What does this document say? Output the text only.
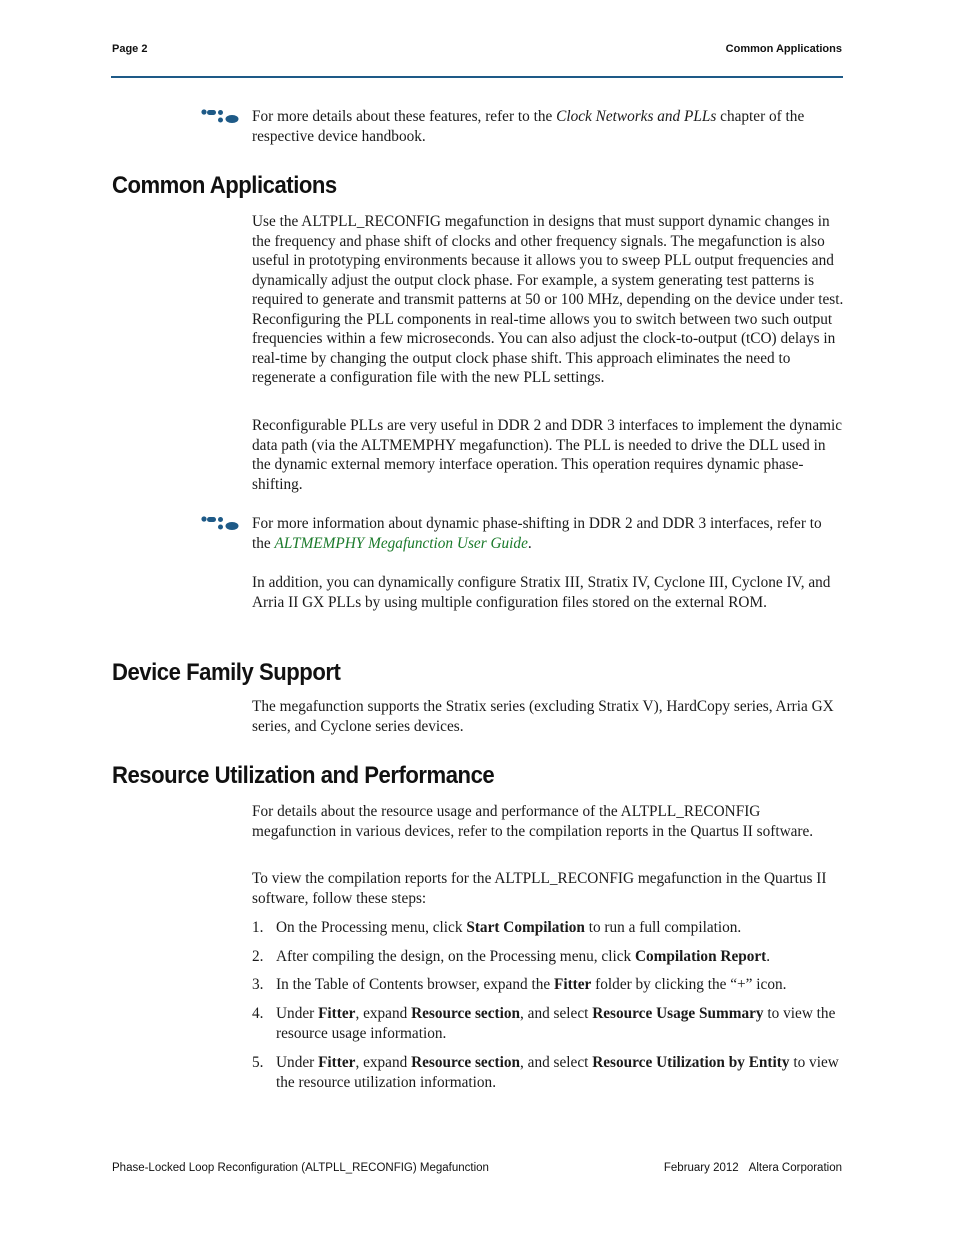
Page 2	Common Applications

For more details about these features, refer to the Clock Networks and PLLs chapter of the respective device handbook.

Common Applications

Use the ALTPLL_RECONFIG megafunction in designs that must support dynamic changes in the frequency and phase shift of clocks and other frequency signals. The megafunction is also useful in prototyping environments because it allows you to sweep PLL output frequencies and dynamically adjust the output clock phase. For example, a system generating test patterns is required to generate and transmit patterns at 50 or 100 MHz, depending on the device under test. Reconfiguring the PLL components in real-time allows you to switch between two such output frequencies within a few microseconds. You can also adjust the clock-to-output (tCO) delays in real-time by changing the output clock phase shift. This approach eliminates the need to regenerate a configuration file with the new PLL settings.

Reconfigurable PLLs are very useful in DDR 2 and DDR 3 interfaces to implement the dynamic data path (via the ALTMEMPHY megafunction). The PLL is needed to drive the DLL used in the dynamic external memory interface operation. This operation requires dynamic phase-shifting.

For more information about dynamic phase-shifting in DDR 2 and DDR 3 interfaces, refer to the ALTMEMPHY Megafunction User Guide.

In addition, you can dynamically configure Stratix III, Stratix IV, Cyclone III, Cyclone IV, and Arria II GX PLLs by using multiple configuration files stored on the external ROM.

Device Family Support

The megafunction supports the Stratix series (excluding Stratix V), HardCopy series, Arria GX series, and Cyclone series devices.

Resource Utilization and Performance

For details about the resource usage and performance of the ALTPLL_RECONFIG megafunction in various devices, refer to the compilation reports in the Quartus II software.

To view the compilation reports for the ALTPLL_RECONFIG megafunction in the Quartus II software, follow these steps:

1. On the Processing menu, click Start Compilation to run a full compilation.
2. After compiling the design, on the Processing menu, click Compilation Report.
3. In the Table of Contents browser, expand the Fitter folder by clicking the “+” icon.
4. Under Fitter, expand Resource section, and select Resource Usage Summary to view the resource usage information.
5. Under Fitter, expand Resource section, and select Resource Utilization by Entity to view the resource utilization information.
Phase-Locked Loop Reconfiguration (ALTPLL_RECONFIG) Megafunction	February 2012 Altera Corporation
